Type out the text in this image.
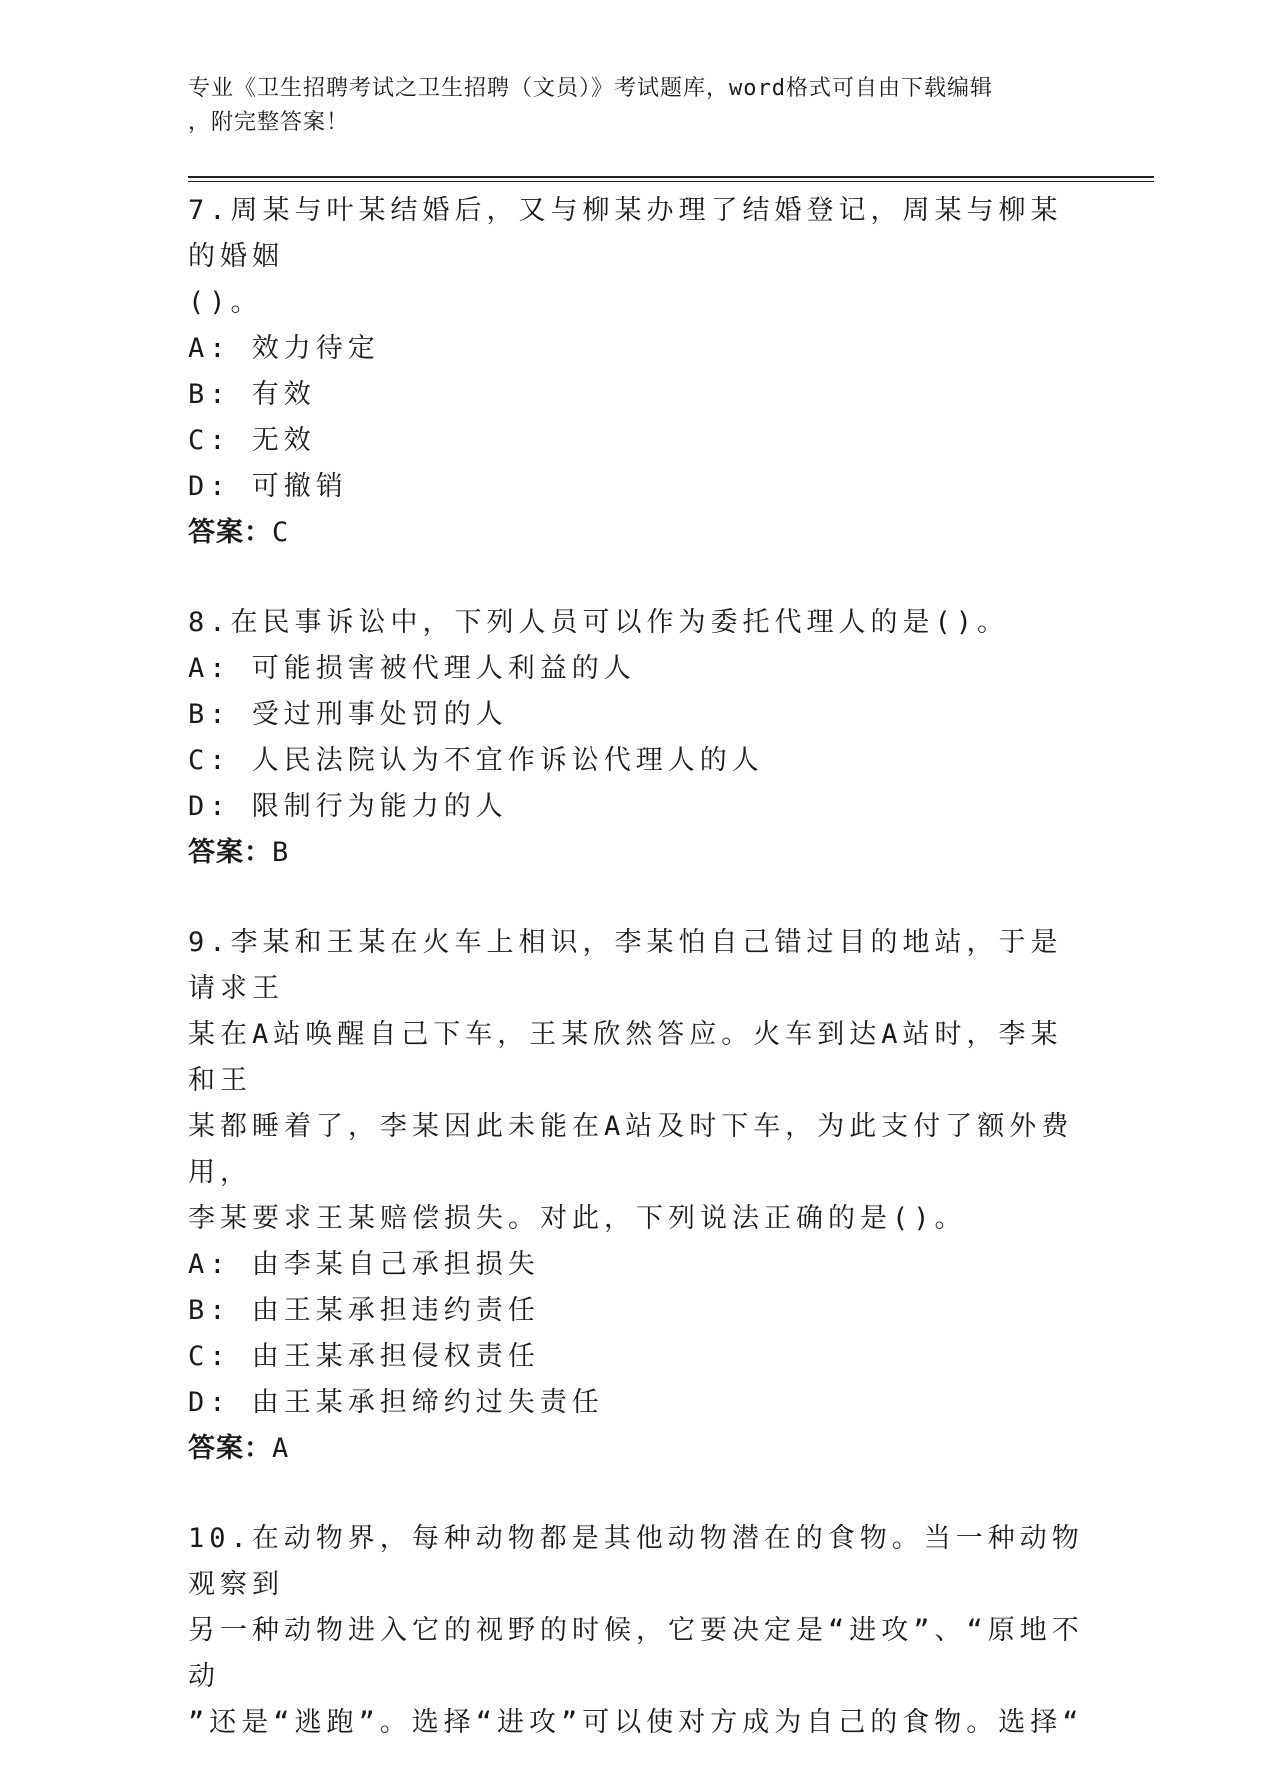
专业《卫生招聘考试之卫生招聘（文员）》考试题库，word格式可自由下载编辑
，附完整答案！
7.周某与叶某结婚后，又与柳某办理了结婚登记，周某与柳某的婚姻
()。
A: 效力待定
B: 有效
C: 无效
D: 可撤销
答案：C
8.在民事诉讼中，下列人员可以作为委托代理人的是()。
A: 可能损害被代理人利益的人
B: 受过刑事处罚的人
C: 人民法院认为不宜作诉讼代理人的人
D: 限制行为能力的人
答案：B
9.李某和王某在火车上相识，李某怕自己错过目的地站，于是请求王
某在A站唤醒自己下车，王某欣然答应。火车到达A站时，李某和王
某都睡着了，李某因此未能在A站及时下车，为此支付了额外费用，
李某要求王某赔偿损失。对此，下列说法正确的是()。
A: 由李某自己承担损失
B: 由王某承担违约责任
C: 由王某承担侵权责任
D: 由王某承担缔约过失责任
答案：A
10.在动物界，每种动物都是其他动物潜在的食物。当一种动物观察到
另一种动物进入它的视野的时候，它要决定是“进攻”、“原地不动
”还是“逃跑”。选择“进攻”可以使对方成为自己的食物。选择“
